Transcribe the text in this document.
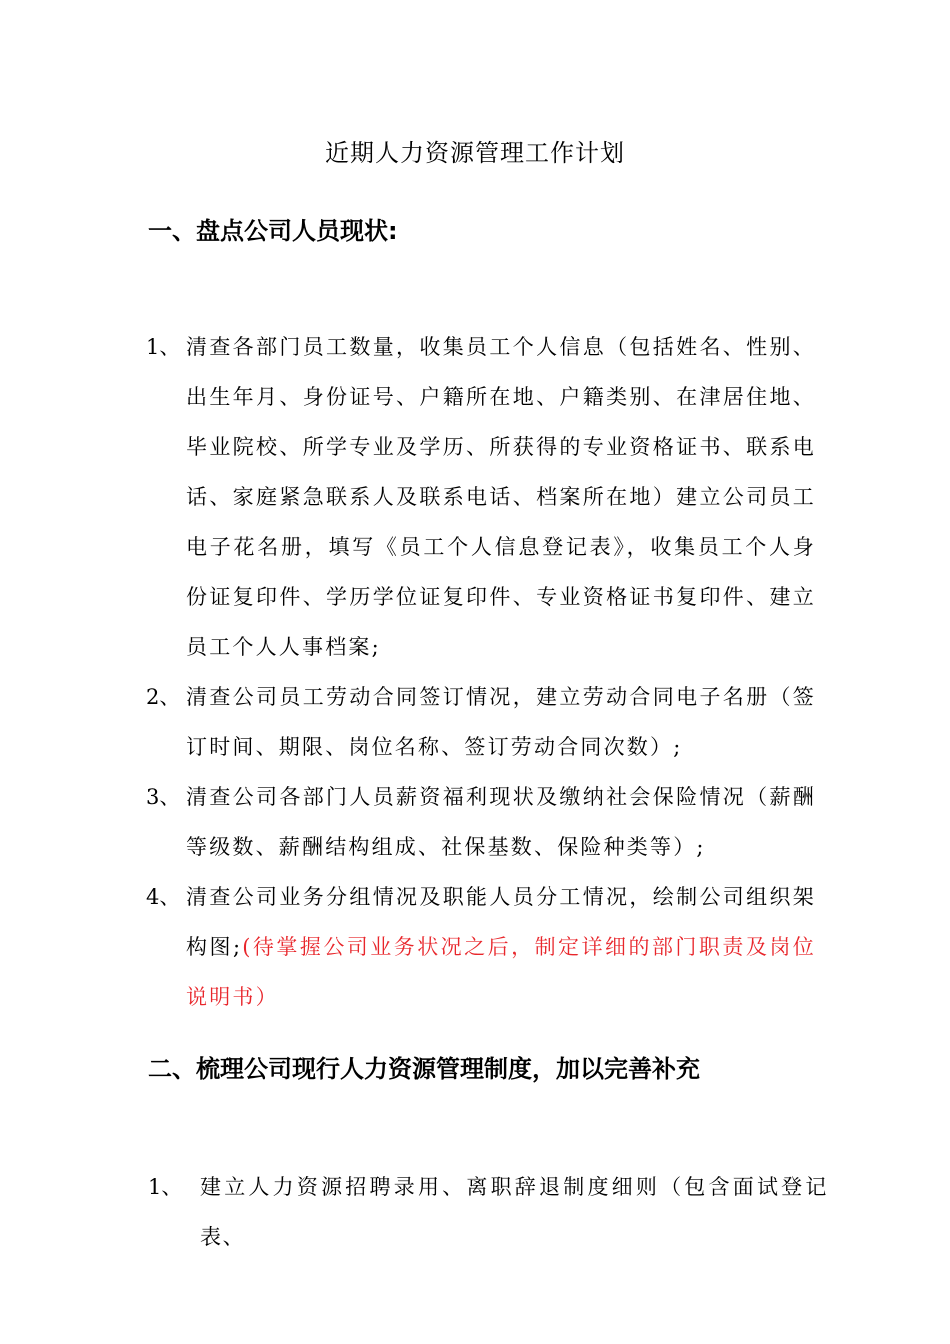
近期人力资源管理工作计划
一、盘点公司人员现状:
1、 清查各部门员工数量，收集员工个人信息（包括姓名、性别、出生年月、身份证号、户籍所在地、户籍类别、在津居住地、毕业院校、所学专业及学历、所获得的专业资格证书、联系电话、家庭紧急联系人及联系电话、档案所在地）建立公司员工电子花名册，填写《员工个人信息登记表》，收集员工个人身份证复印件、学历学位证复印件、专业资格证书复印件、建立员工个人人事档案;
2、 清查公司员工劳动合同签订情况，建立劳动合同电子名册（签订时间、期限、岗位名称、签订劳动合同次数）;
3、 清查公司各部门人员薪资福利现状及缴纳社会保险情况（薪酬等级数、薪酬结构组成、社保基数、保险种类等）;
4、 清查公司业务分组情况及职能人员分工情况，绘制公司组织架构图;(待掌握公司业务状况之后，制定详细的部门职责及岗位说明书）
二、梳理公司现行人力资源管理制度，加以完善补充
1、 建立人力资源招聘录用、离职辞退制度细则（包含面试登记表、
